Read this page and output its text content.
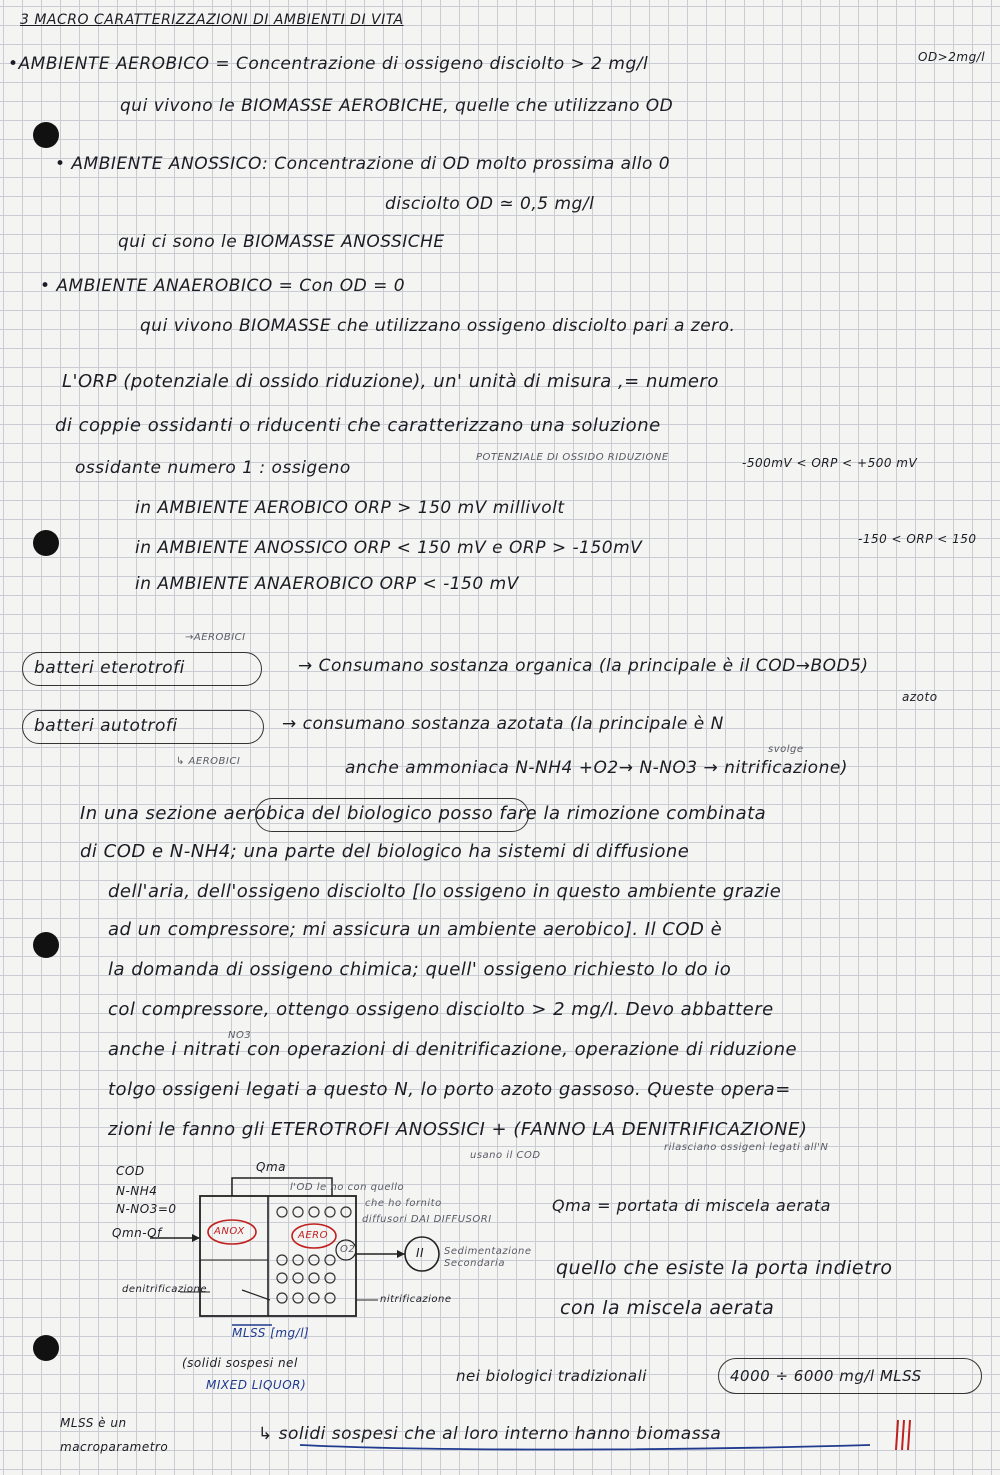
3 MACRO CARATTERIZZAZIONI DI AMBIENTI DI VITA
•AMBIENTE AEROBICO = Concentrazione di ossigeno disciolto > 2 mg/l	OD>2mg/l
qui vivono le BIOMASSE AEROBICHE, quelle che utilizzano OD
• AMBIENTE ANOSSICO: Concentrazione di OD molto prossima allo 0
disciolto OD ≃ 0,5 mg/l
qui ci sono le BIOMASSE ANOSSICHE
• AMBIENTE ANAEROBICO = Con OD = 0
qui vivono BIOMASSE che utilizzano ossigeno disciolto pari a zero.
L'ORP (potenziale di ossido riduzione), un' unità di misura ,= numero
di coppie ossidanti o riducenti che caratterizzano una soluzione
ossidante numero 1 : ossigeno
POTENZIALE DI OSSIDO RIDUZIONE	-500mV < ORP < +500 mV
in AMBIENTE AEROBICO ORP > 150 mV millivolt
in AMBIENTE ANOSSICO ORP < 150 mV e ORP > -150mV	-150 < ORP < 150
in AMBIENTE ANAEROBICO ORP < -150 mV
→AEROBICI
batteri eterotrofi	→ Consumano sostanza organica (la principale è il COD→BOD5)
azoto
batteri autotrofi	→ consumano sostanza azotata (la principale è N
↳ AEROBICI
svolge
anche ammoniaca N-NH4 +O2→ N-NO3 → nitrificazione)
In una sezione aerobica del biologico posso fare la rimozione combinata
di COD e N-NH4; una parte del biologico ha sistemi di diffusione
dell'aria, dell'ossigeno disciolto [lo ossigeno in questo ambiente grazie
ad un compressore; mi assicura un ambiente aerobico]. Il COD è
la domanda di ossigeno chimica; quell' ossigeno richiesto lo do io
NO3
col compressore, ottengo ossigeno disciolto > 2 mg/l. Devo abbattere
anche i nitrati con operazioni di denitrificazione, operazione di riduzione
tolgo ossigeni legati a questo N, lo porto azoto gassoso. Queste opera=
zioni le fanno gli ETEROTROFI ANOSSICI + (FANNO LA DENITRIFICAZIONE)
usano il COD
rilasciano ossigeni legati all'N
COD
N-NH4
N-NO3=0
Qmn-Qf
Qma
l'OD le ho con quello
che ho fornito
diffusori DAI DIFFUSORI
ANOX	AERO
O2	II Sedimentazione Secondaria
denitrificazione
nitrificazione
MLSS [mg/l]
(solidi sospesi nel
MIXED LIQUOR)
Qma = portata di miscela aerata
quello che esiste la porta indietro
con la miscela aerata
nei biologici tradizionali	4000 ÷ 6000 mg/l MLSS
MLSS è un
macroparametro
↳ solidi sospesi che al loro interno hanno biomassa
